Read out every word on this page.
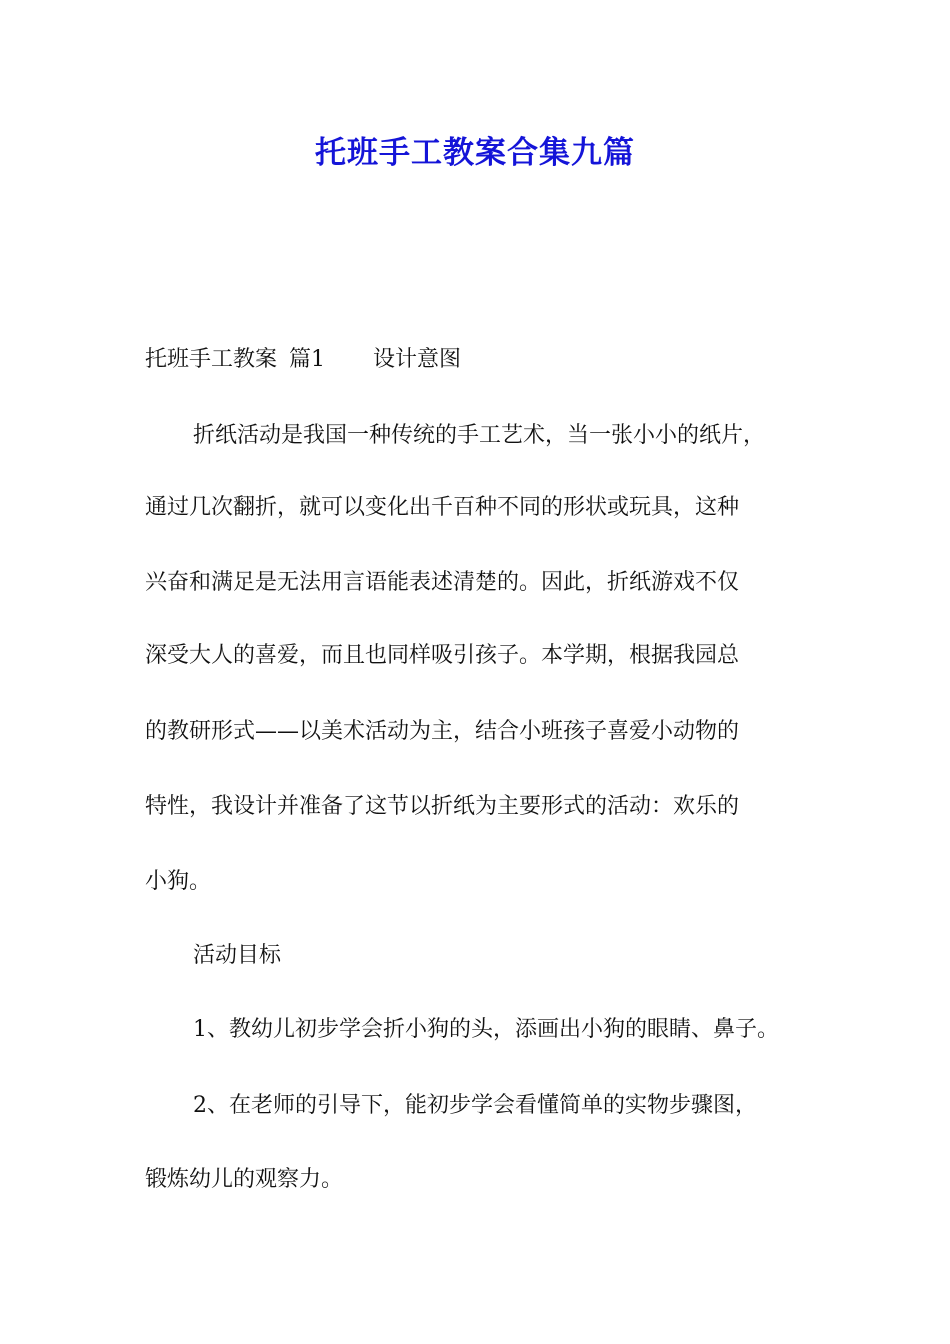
托班手工教案合集九篇
托班手工教案 篇1 设计意图
折纸活动是我国一种传统的手工艺术，当一张小小的纸片，
通过几次翻折，就可以变化出千百种不同的形状或玩具，这种
兴奋和满足是无法用言语能表述清楚的。因此，折纸游戏不仅
深受大人的喜爱，而且也同样吸引孩子。本学期，根据我园总
的教研形式——以美术活动为主，结合小班孩子喜爱小动物的
特性，我设计并准备了这节以折纸为主要形式的活动：欢乐的
小狗。
活动目标
1、教幼儿初步学会折小狗的头，添画出小狗的眼睛、鼻子。
2、在老师的引导下，能初步学会看懂简单的实物步骤图，
锻炼幼儿的观察力。
